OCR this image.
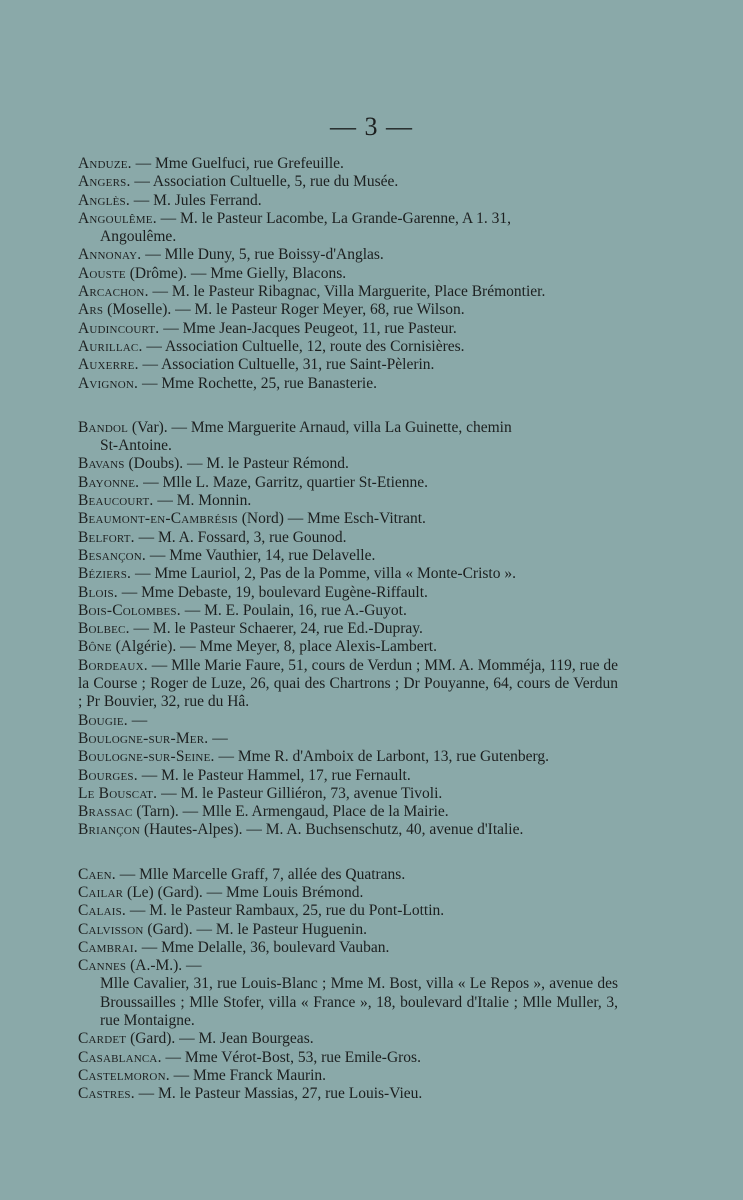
— 3 —
Anduze. — Mme Guelfuci, rue Grefeuille.
Angers. — Association Cultuelle, 5, rue du Musée.
Anglès. — M. Jules Ferrand.
Angoulême. — M. le Pasteur Lacombe, La Grande-Garenne, A 1. 31,
Angoulême.
Annonay. — Mlle Duny, 5, rue Boissy-d'Anglas.
Aouste (Drôme). — Mme Gielly, Blacons.
Arcachon. — M. le Pasteur Ribagnac, Villa Marguerite, Place Brémontier.
Ars (Moselle). — M. le Pasteur Roger Meyer, 68, rue Wilson.
Audincourt. — Mme Jean-Jacques Peugeot, 11, rue Pasteur.
Aurillac. — Association Cultuelle, 12, route des Cornisières.
Auxerre. — Association Cultuelle, 31, rue Saint-Pèlerin.
Avignon. — Mme Rochette, 25, rue Banasterie.
Bandol (Var). — Mme Marguerite Arnaud, villa La Guinette, chemin
St-Antoine.
Bavans (Doubs). — M. le Pasteur Rémond.
Bayonne. — Mlle L. Maze, Garritz, quartier St-Etienne.
Beaucourt. — M. Monnin.
Beaumont-en-Cambrésis (Nord) — Mme Esch-Vitrant.
Belfort. — M. A. Fossard, 3, rue Gounod.
Besançon. — Mme Vauthier, 14, rue Delavelle.
Béziers. — Mme Lauriol, 2, Pas de la Pomme, villa « Monte-Cristo ».
Blois. — Mme Debaste, 19, boulevard Eugène-Riffault.
Bois-Colombes. — M. E. Poulain, 16, rue A.-Guyot.
Bolbec. — M. le Pasteur Schaerer, 24, rue Ed.-Dupray.
Bône (Algérie). — Mme Meyer, 8, place Alexis-Lambert.
Bordeaux. — Mlle Marie Faure, 51, cours de Verdun ; MM. A. Momméja, 119, rue de la Course ; Roger de Luze, 26, quai des Chartrons ; Dr Pouyanne, 64, cours de Verdun ; Pr Bouvier, 32, rue du Hâ.
Bougie. —
Boulogne-sur-Mer. —
Boulogne-sur-Seine. — Mme R. d'Amboix de Larbont, 13, rue Gutenberg.
Bourges. — M. le Pasteur Hammel, 17, rue Fernault.
Le Bouscat. — M. le Pasteur Gilliéron, 73, avenue Tivoli.
Brassac (Tarn). — Mlle E. Armengaud, Place de la Mairie.
Briançon (Hautes-Alpes). — M. A. Buchsenschutz, 40, avenue d'Italie.
Caen. — Mlle Marcelle Graff, 7, allée des Quatrans.
Cailar (Le) (Gard). — Mme Louis Brémond.
Calais. — M. le Pasteur Rambaux, 25, rue du Pont-Lottin.
Calvisson (Gard). — M. le Pasteur Huguenin.
Cambrai. — Mme Delalle, 36, boulevard Vauban.
Cannes (A.-M.). —
Mlle Cavalier, 31, rue Louis-Blanc ; Mme M. Bost, villa « Le Repos », avenue des Broussailles ; Mlle Stofer, villa « France », 18, boulevard d'Italie ; Mlle Muller, 3, rue Montaigne.
Cardet (Gard). — M. Jean Bourgeas.
Casablanca. — Mme Vérot-Bost, 53, rue Emile-Gros.
Castelmoron. — Mme Franck Maurin.
Castres. — M. le Pasteur Massias, 27, rue Louis-Vieu.
